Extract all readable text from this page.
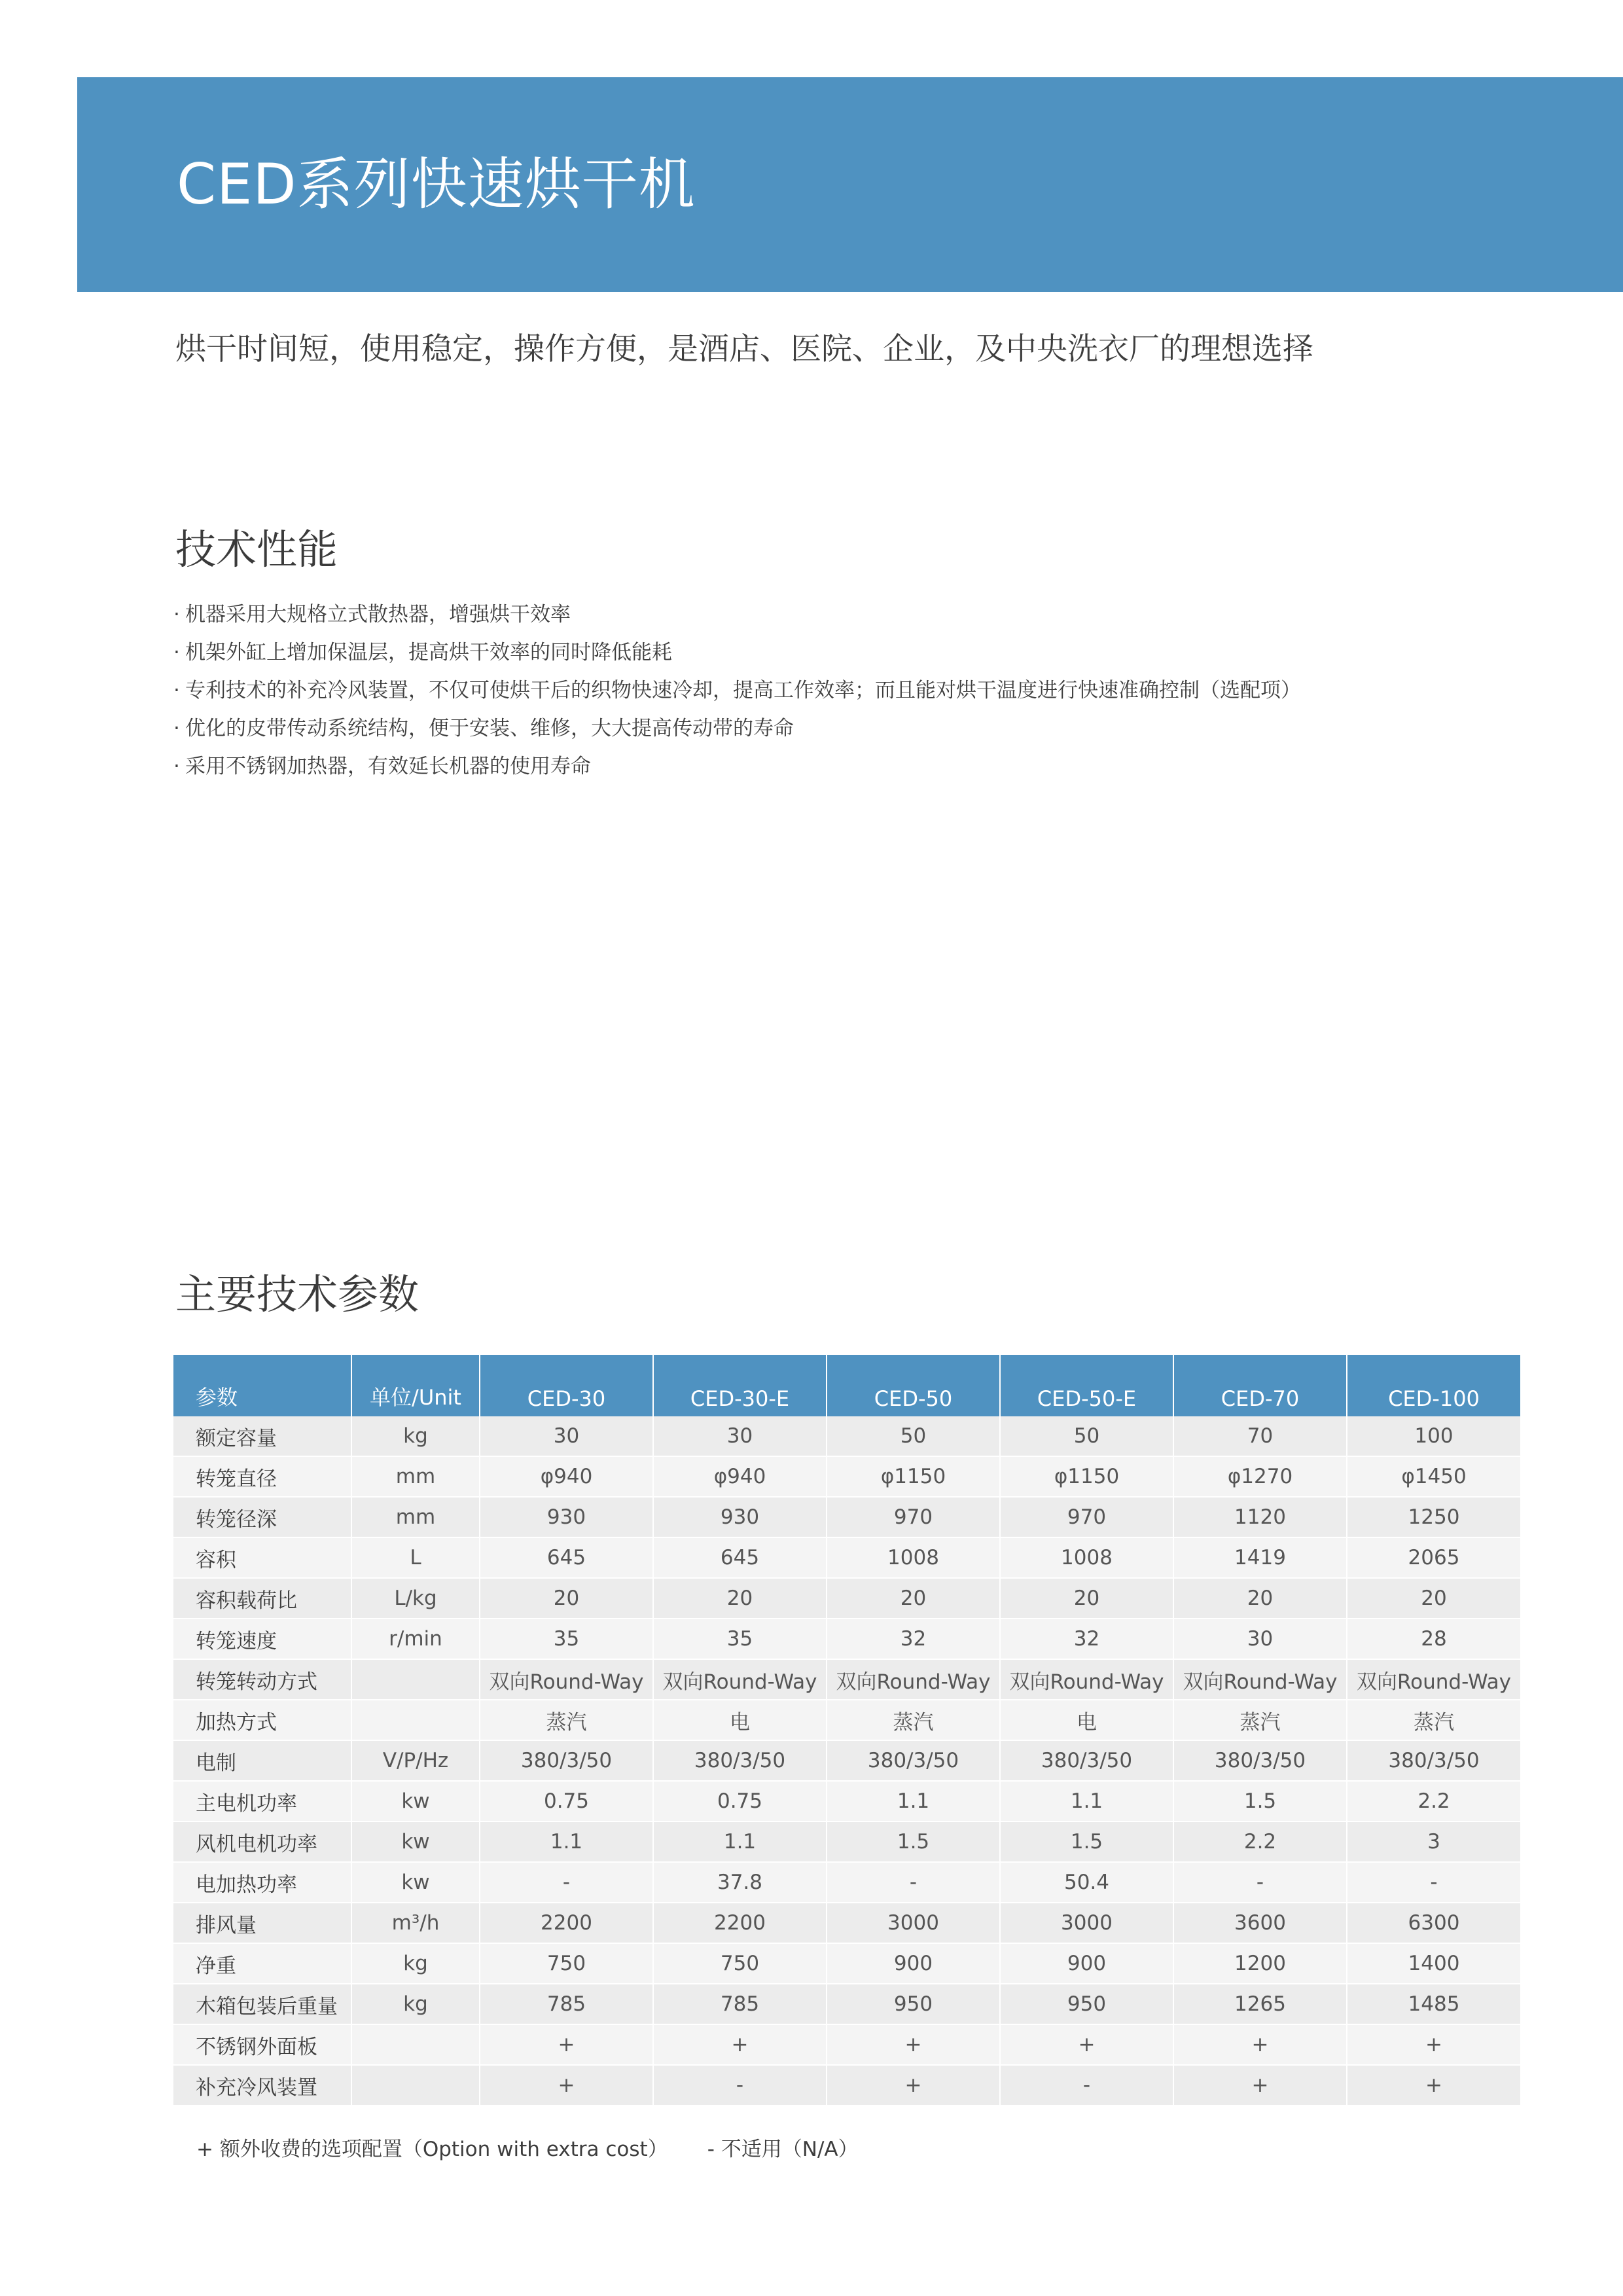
CED系列快速烘干机
烘干时间短，使用稳定，操作方便，是酒店、医院、企业，及中央洗衣厂的理想选择
技术性能
· 机器采用大规格立式散热器，增强烘干效率
· 机架外缸上增加保温层，提高烘干效率的同时降低能耗
· 专利技术的补充冷风装置，不仅可使烘干后的织物快速冷却，提高工作效率；而且能对烘干温度进行快速准确控制（选配项）
· 优化的皮带传动系统结构，便于安装、维修，大大提高传动带的寿命
· 采用不锈钢加热器，有效延长机器的使用寿命
主要技术参数
参数	单位/Unit	CED-30	CED-30-E	CED-50	CED-50-E	CED-70	CED-100
额定容量	kg	30	30	50	50	70	100
转笼直径	mm	φ940	φ940	φ1150	φ1150	φ1270	φ1450
转笼径深	mm	930	930	970	970	1120	1250
容积	L	645	645	1008	1008	1419	2065
容积载荷比	L/kg	20	20	20	20	20	20
转笼速度	r/min	35	35	32	32	30	28
转笼转动方式		双向Round-Way	双向Round-Way	双向Round-Way	双向Round-Way	双向Round-Way	双向Round-Way
加热方式		蒸汽	电	蒸汽	电	蒸汽	蒸汽
电制	V/P/Hz	380/3/50	380/3/50	380/3/50	380/3/50	380/3/50	380/3/50
主电机功率	kw	0.75	0.75	1.1	1.1	1.5	2.2
风机电机功率	kw	1.1	1.1	1.5	1.5	2.2	3
电加热功率	kw	-	37.8	-	50.4	-	-
排风量	m³/h	2200	2200	3000	3000	3600	6300
净重	kg	750	750	900	900	1200	1400
木箱包装后重量	kg	785	785	950	950	1265	1485
不锈钢外面板		+	+	+	+	+	+
补充冷风装置		+	-	+	-	+	+
+ 额外收费的选项配置（Option with extra cost） - 不适用（N/A）
